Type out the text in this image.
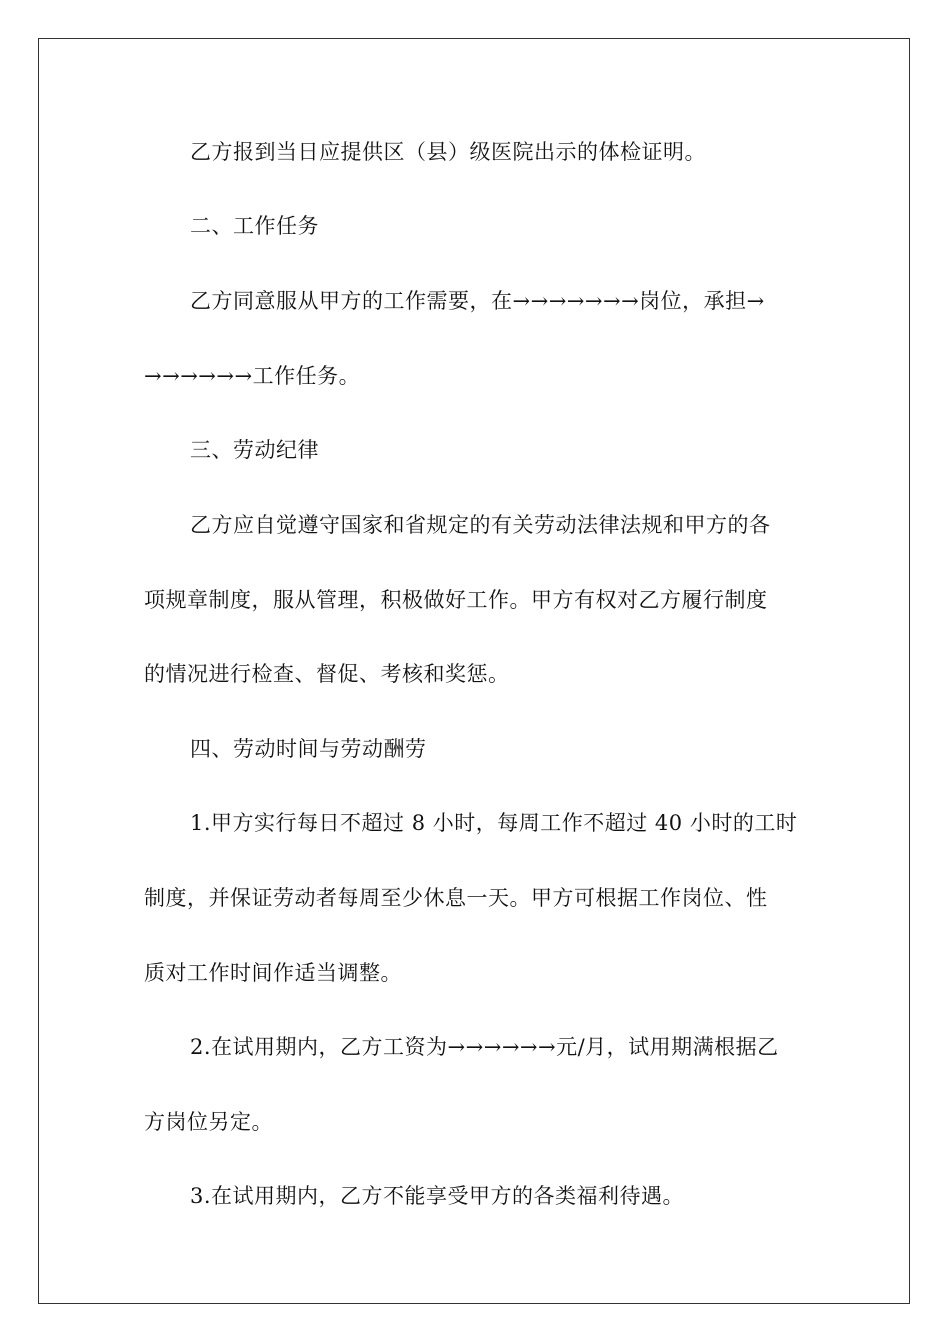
乙方报到当日应提供区（县）级医院出示的体检证明。
二、工作任务
乙方同意服从甲方的工作需要，在→→→→→→→岗位，承担→
→→→→→→工作任务。
三、劳动纪律
乙方应自觉遵守国家和省规定的有关劳动法律法规和甲方的各
项规章制度，服从管理，积极做好工作。甲方有权对乙方履行制度
的情况进行检查、督促、考核和奖惩。
四、劳动时间与劳动酬劳
1.甲方实行每日不超过 8 小时，每周工作不超过 40 小时的工时
制度，并保证劳动者每周至少休息一天。甲方可根据工作岗位、性
质对工作时间作适当调整。
2.在试用期内，乙方工资为→→→→→→元/月，试用期满根据乙
方岗位另定。
3.在试用期内，乙方不能享受甲方的各类福利待遇。
